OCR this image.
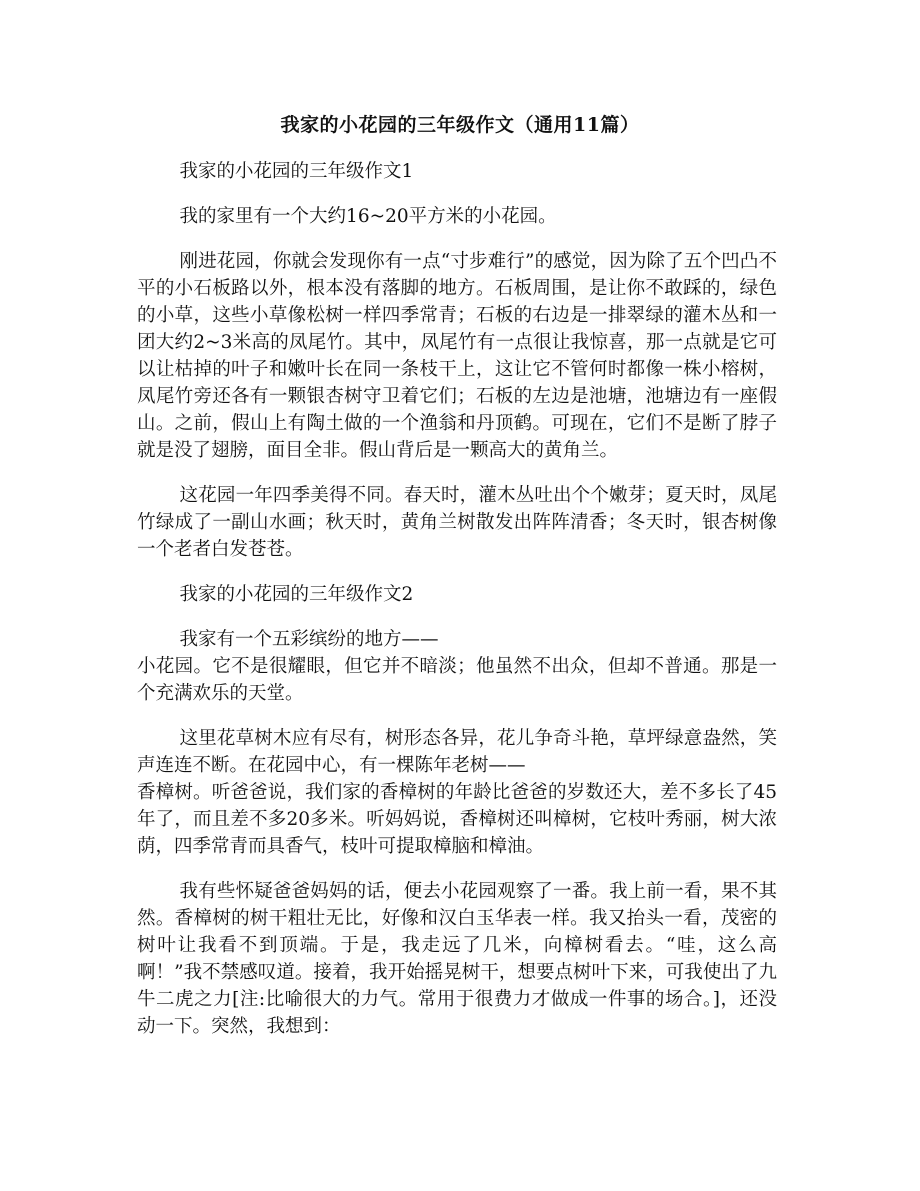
我家的小花园的三年级作文（通用11篇）

我家的小花园的三年级作文1

我的家里有一个大约16~20平方米的小花园。

刚进花园，你就会发现你有一点“寸步难行”的感觉，因为除了五个凹凸不平的小石板路以外，根本没有落脚的地方。石板周围，是让你不敢踩的，绿色的小草，这些小草像松树一样四季常青；石板的右边是一排翠绿的灌木丛和一团大约2~3米高的凤尾竹。其中，凤尾竹有一点很让我惊喜，那一点就是它可以让枯掉的叶子和嫩叶长在同一条枝干上，这让它不管何时都像一株小榕树，凤尾竹旁还各有一颗银杏树守卫着它们；石板的左边是池塘，池塘边有一座假山。之前，假山上有陶土做的一个渔翁和丹顶鹤。可现在，它们不是断了脖子就是没了翅膀，面目全非。假山背后是一颗高大的黄角兰。

这花园一年四季美得不同。春天时，灌木丛吐出个个嫩芽；夏天时，凤尾竹绿成了一副山水画；秋天时，黄角兰树散发出阵阵清香；冬天时，银杏树像一个老者白发苍苍。

我家的小花园的三年级作文2

我家有一个五彩缤纷的地方——

小花园。它不是很耀眼，但它并不暗淡；他虽然不出众，但却不普通。那是一个充满欢乐的天堂。

这里花草树木应有尽有，树形态各异，花儿争奇斗艳，草坪绿意盎然，笑声连连不断。在花园中心，有一棵陈年老树——

香樟树。听爸爸说，我们家的香樟树的年龄比爸爸的岁数还大，差不多长了45年了，而且差不多20多米。听妈妈说，香樟树还叫樟树，它枝叶秀丽，树大浓荫，四季常青而具香气，枝叶可提取樟脑和樟油。

我有些怀疑爸爸妈妈的话，便去小花园观察了一番。我上前一看，果不其然。香樟树的树干粗壮无比，好像和汉白玉华表一样。我又抬头一看，茂密的树叶让我看不到顶端。于是，我走远了几米，向樟树看去。“哇，这么高啊！”我不禁感叹道。接着，我开始摇晃树干，想要点树叶下来，可我使出了九牛二虎之力[注:比喻很大的力气。常用于很费力才做成一件事的场合。]，还没动一下。突然，我想到：
